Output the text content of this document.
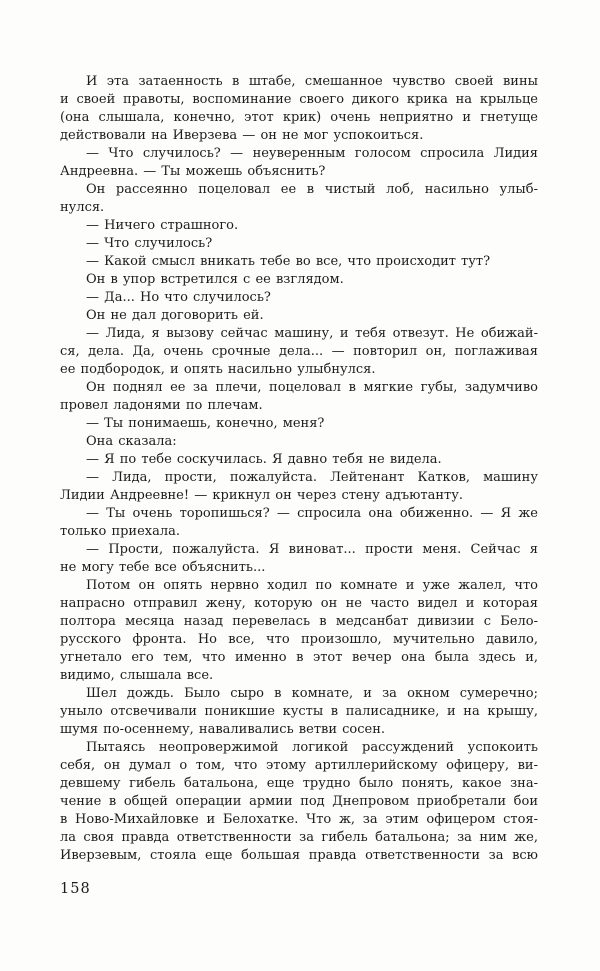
И эта затаенность в штабе, смешанное чувство своей вины
и своей правоты, воспоминание своего дикого крика на крыльце
(она слышала, конечно, этот крик) очень неприятно и гнетуще
действовали на Иверзева — он не мог успокоиться.
— Что случилось? — неуверенным голосом спросила Лидия
Андреевна. — Ты можешь объяснить?
Он рассеянно поцеловал ее в чистый лоб, насильно улыб-
нулся.
— Ничего страшного.
— Что случилось?
— Какой смысл вникать тебе во все, что происходит тут?
Он в упор встретился с ее взглядом.
— Да... Но что случилось?
Он не дал договорить ей.
— Лида, я вызову сейчас машину, и тебя отвезут. Не обижай-
ся, дела. Да, очень срочные дела... — повторил он, поглаживая
ее подбородок, и опять насильно улыбнулся.
Он поднял ее за плечи, поцеловал в мягкие губы, задумчиво
провел ладонями по плечам.
— Ты понимаешь, конечно, меня?
Она сказала:
— Я по тебе соскучилась. Я давно тебя не видела.
— Лида, прости, пожалуйста. Лейтенант Катков, машину
Лидии Андреевне! — крикнул он через стену адъютанту.
— Ты очень торопишься? — спросила она обиженно. — Я же
только приехала.
— Прости, пожалуйста. Я виноват... прости меня. Сейчас я
не могу тебе все объяснить...
Потом он опять нервно ходил по комнате и уже жалел, что
напрасно отправил жену, которую он не часто видел и которая
полтора месяца назад перевелась в медсанбат дивизии с Бело-
русского фронта. Но все, что произошло, мучительно давило,
угнетало его тем, что именно в этот вечер она была здесь и,
видимо, слышала все.
Шел дождь. Было сыро в комнате, и за окном сумеречно;
уныло отсвечивали поникшие кусты в палисаднике, и на крышу,
шумя по-осеннему, наваливались ветви сосен.
Пытаясь неопровержимой логикой рассуждений успокоить
себя, он думал о том, что этому артиллерийскому офицеру, ви-
девшему гибель батальона, еще трудно было понять, какое зна-
чение в общей операции армии под Днепровом приобретали бои
в Ново-Михайловке и Белохатке. Что ж, за этим офицером стоя-
ла своя правда ответственности за гибель батальона; за ним же,
Иверзевым, стояла еще большая правда ответственности за всю
158
